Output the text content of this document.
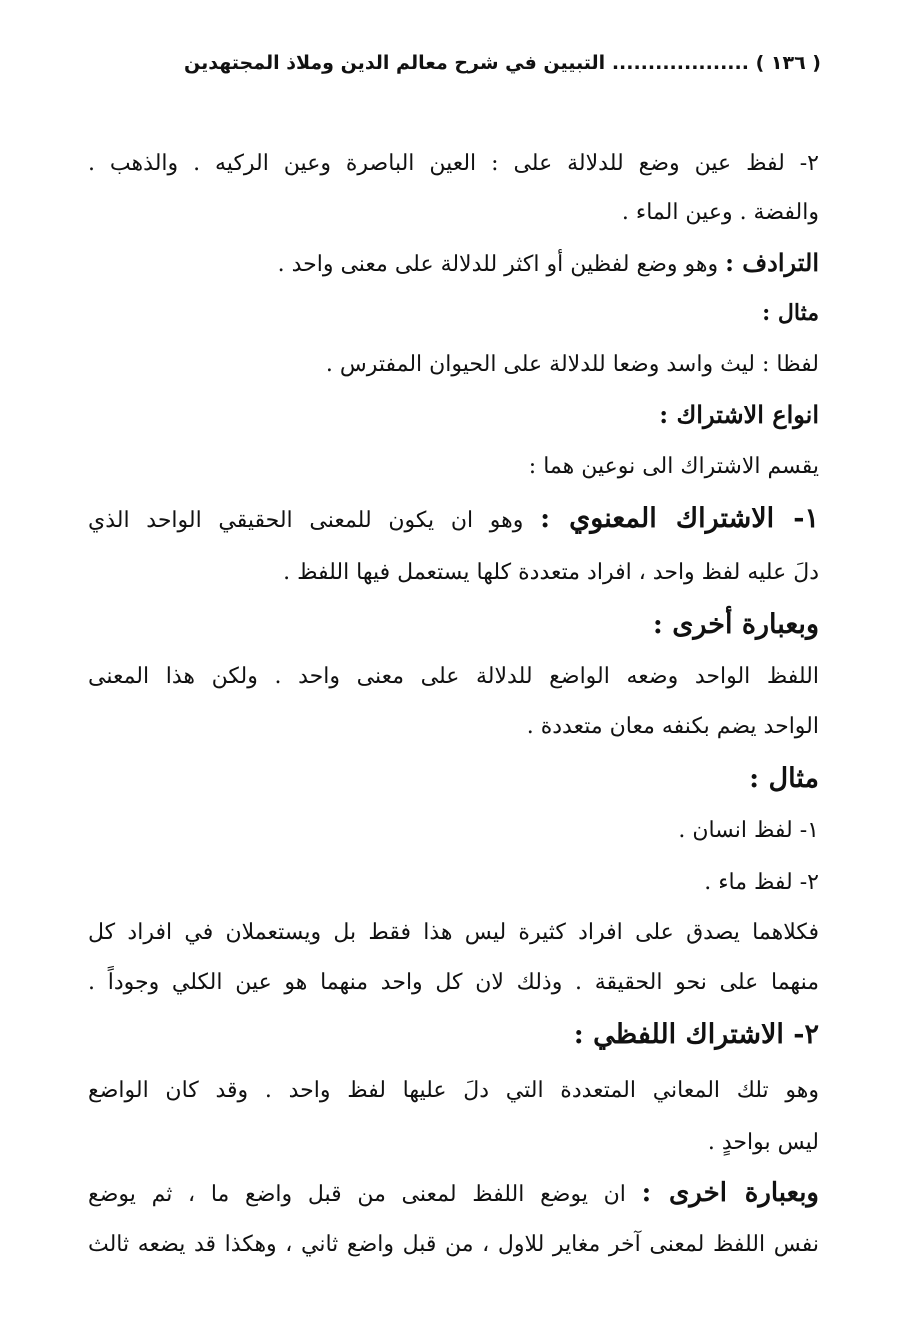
( ١٣٦ ) ................... التبيين في شرح معالم الدين وملاذ المجتهدين
٢- لفظ عين وضع للدلالة على : العين الباصرة وعين الركيه . والذهب .
والفضة . وعين الماء .
الترادف : وهو وضع لفظين أو اكثر للدلالة على معنى واحد .
مثال :
لفظا : ليث واسد وضعا للدلالة على الحيوان المفترس .
انواع الاشتراك :
يقسم الاشتراك الى نوعين هما :
١- الاشتراك المعنوي : وهو ان يكون للمعنى الحقيقي الواحد الذي
دلَ عليه لفظ واحد ، افراد متعددة كلها يستعمل فيها اللفظ .
وبعبارة أخرى :
اللفظ الواحد وضعه الواضع للدلالة على معنى واحد . ولكن هذا المعنى
الواحد يضم بكنفه معان متعددة .
مثال :
١- لفظ انسان .
٢- لفظ ماء .
فكلاهما يصدق على افراد كثيرة ليس هذا فقط بل ويستعملان في افراد كل
منهما على نحو الحقيقة . وذلك لان كل واحد منهما هو عين الكلي وجوداً .
٢- الاشتراك اللفظي :
وهو تلك المعاني المتعددة التي دلَ عليها لفظ واحد . وقد كان الواضع
ليس بواحدٍ .
وبعبارة اخرى : ان يوضع اللفظ لمعنى من قبل واضع ما ، ثم يوضع
نفس اللفظ لمعنى آخر مغاير للاول ، من قبل واضع ثاني ، وهكذا قد يضعه ثالث
